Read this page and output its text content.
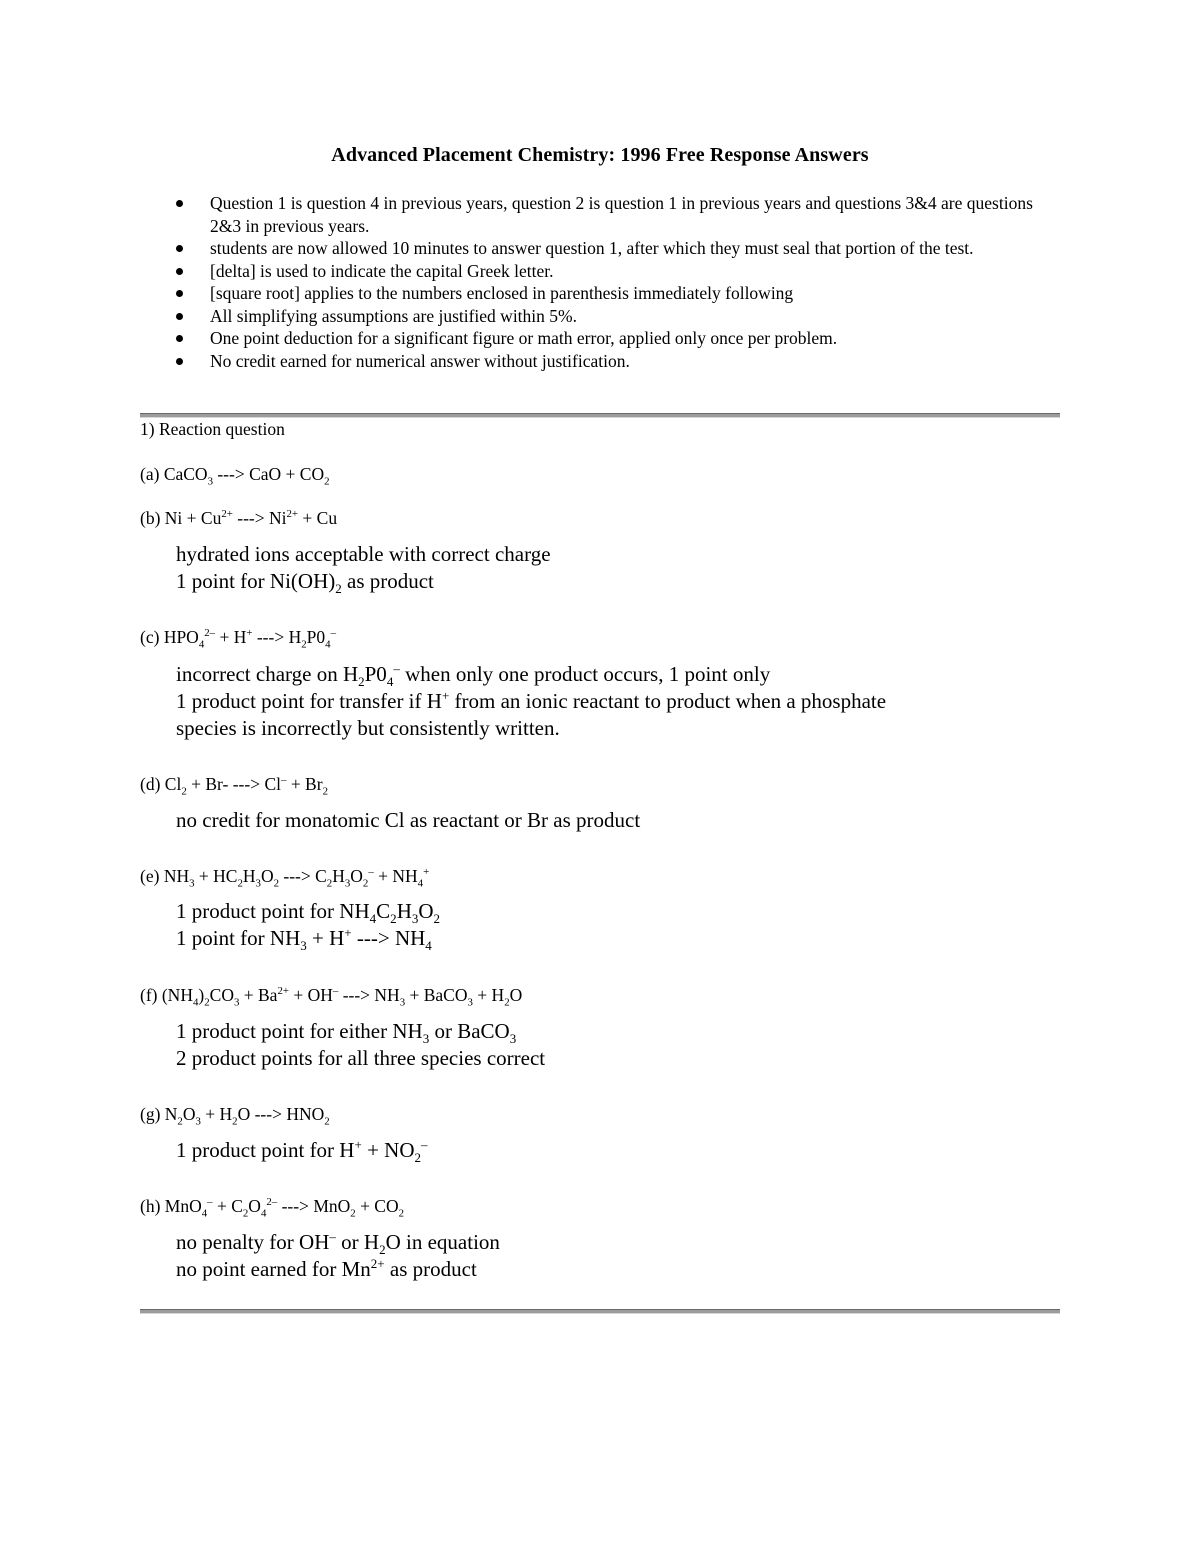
Advanced Placement Chemistry: 1996 Free Response Answers
Question 1 is question 4 in previous years, question 2 is question 1 in previous years and questions 3&4 are questions 2&3 in previous years.
students are now allowed 10 minutes to answer question 1, after which they must seal that portion of the test.
[delta] is used to indicate the capital Greek letter.
[square root] applies to the numbers enclosed in parenthesis immediately following
All simplifying assumptions are justified within 5%.
One point deduction for a significant figure or math error, applied only once per problem.
No credit earned for numerical answer without justification.
1) Reaction question
(a) CaCO$_3$ ---> CaO + $CO_2$
(b) $Ni + Cu^{2+}$ ---> $Ni^{2+} + Cu$
hydrated ions acceptable with correct charge
1 point for $Ni(OH)_2$ as product
(c) $HPO_4^{2‒} + H^+$ ---> $H_2P0_4^‒$
incorrect charge on $H_2P0_4^‒$ when only one product occurs, 1 point only
1 product point for transfer if H+ from an ionic reactant to product when a phosphate
species is incorrectly but consistently written.
(d) $Cl_2 + Br-$ ---> $Cl^‒ + Br_2$
no credit for monatomic Cl as reactant or Br as product
(e) $NH_3 + HC_2H_3O_2$ ---> $C_2H_3O_2^‒ + NH_4^+$
1 product point for $NH_4C_2H_3O_2$
1 point for $NH_3 + H^+$ ---> $NH_4$
(f) $(NH_4)_2CO_3 + Ba^{2+} + OH^‒$ ---> $NH_3$ + BaCO$_3$ + $H_2O$
1 product point for either $NH_3$ or BaCO$_3$
2 product points for all three species correct
(g) $N_2O_3 + H_2O$ ---> $HNO_2$
1 product point for $H^+ + NO_2^‒$
(h) $MnO_4^‒ + C_2O_4^{2‒}$ ---> $MnO_2 + CO_2$
no penalty for OH‒ or $H_2O$ in equation
no point earned for $Mn^{2+}$ as product
